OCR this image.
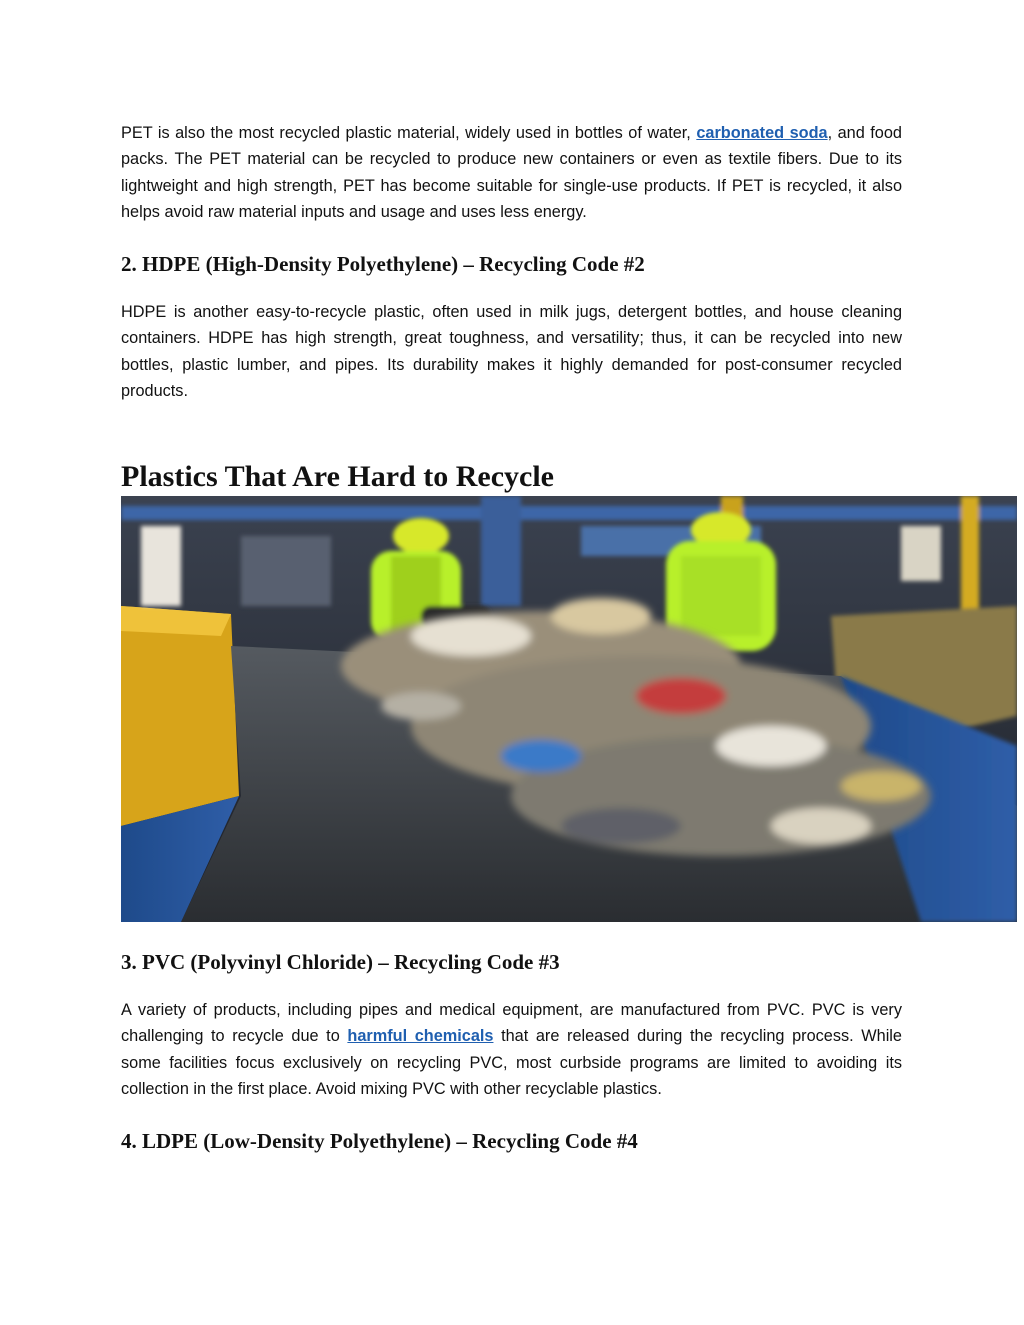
PET is also the most recycled plastic material, widely used in bottles of water, carbonated soda, and food packs. The PET material can be recycled to produce new containers or even as textile fibers. Due to its lightweight and high strength, PET has become suitable for single-use products. If PET is recycled, it also helps avoid raw material inputs and usage and uses less energy.

2. HDPE (High-Density Polyethylene) – Recycling Code #2

HDPE is another easy-to-recycle plastic, often used in milk jugs, detergent bottles, and house cleaning containers. HDPE has high strength, great toughness, and versatility; thus, it can be recycled into new bottles, plastic lumber, and pipes. Its durability makes it highly demanded for post-consumer recycled products.

Plastics That Are Hard to Recycle
3. PVC (Polyvinyl Chloride) – Recycling Code #3

A variety of products, including pipes and medical equipment, are manufactured from PVC. PVC is very challenging to recycle due to harmful chemicals that are released during the recycling process. While some facilities focus exclusively on recycling PVC, most curbside programs are limited to avoiding its collection in the first place. Avoid mixing PVC with other recyclable plastics.

4. LDPE (Low-Density Polyethylene) – Recycling Code #4
